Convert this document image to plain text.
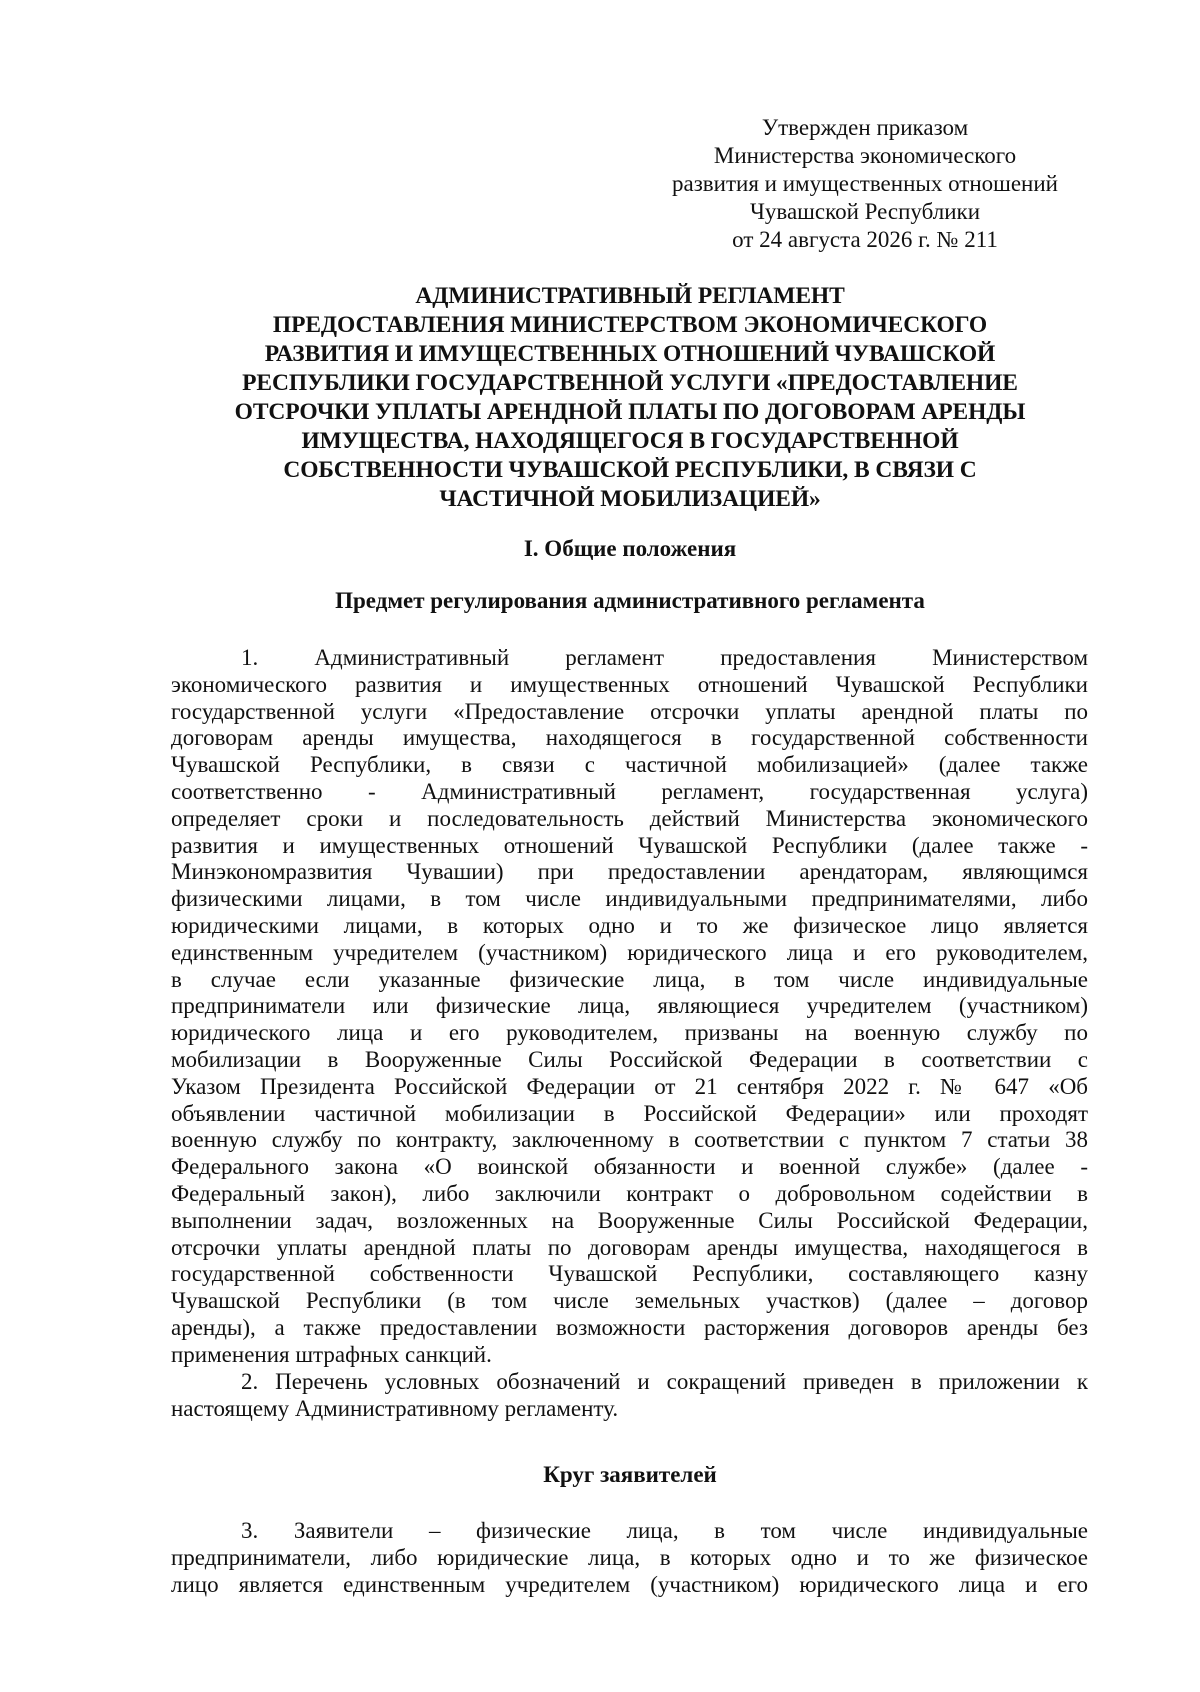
Утвержден приказом
Министерства экономического
развития и имущественных отношений
Чувашской Республики
от 24 августа 2026 г. № 211
АДМИНИСТРАТИВНЫЙ РЕГЛАМЕНТ
ПРЕДОСТАВЛЕНИЯ МИНИСТЕРСТВОМ ЭКОНОМИЧЕСКОГО
РАЗВИТИЯ И ИМУЩЕСТВЕННЫХ ОТНОШЕНИЙ ЧУВАШСКОЙ
РЕСПУБЛИКИ ГОСУДАРСТВЕННОЙ УСЛУГИ «ПРЕДОСТАВЛЕНИЕ
ОТСРОЧКИ УПЛАТЫ АРЕНДНОЙ ПЛАТЫ ПО ДОГОВОРАМ АРЕНДЫ
ИМУЩЕСТВА, НАХОДЯЩЕГОСЯ В ГОСУДАРСТВЕННОЙ
СОБСТВЕННОСТИ ЧУВАШСКОЙ РЕСПУБЛИКИ, В СВЯЗИ С
ЧАСТИЧНОЙ МОБИЛИЗАЦИЕЙ»
I. Общие положения
Предмет регулирования административного регламента
1. Административный регламент предоставления Министерством
экономического развития и имущественных отношений Чувашской Республики
государственной услуги «Предоставление отсрочки уплаты арендной платы по
договорам аренды имущества, находящегося в государственной собственности
Чувашской Республики, в связи с частичной мобилизацией» (далее также
соответственно - Административный регламент, государственная услуга)
определяет сроки и последовательность действий Министерства экономического
развития и имущественных отношений Чувашской Республики (далее также -
Минэкономразвития Чувашии) при предоставлении арендаторам, являющимся
физическими лицами, в том числе индивидуальными предпринимателями, либо
юридическими лицами, в которых одно и то же физическое лицо является
единственным учредителем (участником) юридического лица и его руководителем,
в случае если указанные физические лица, в том числе индивидуальные
предприниматели или физические лица, являющиеся учредителем (участником)
юридического лица и его руководителем, призваны на военную службу по
мобилизации в Вооруженные Силы Российской Федерации в соответствии с
Указом Президента Российской Федерации от 21 сентября 2022 г. № 647 «Об
объявлении частичной мобилизации в Российской Федерации» или проходят
военную службу по контракту, заключенному в соответствии с пунктом 7 статьи 38
Федерального закона «О воинской обязанности и военной службе» (далее -
Федеральный закон), либо заключили контракт о добровольном содействии в
выполнении задач, возложенных на Вооруженные Силы Российской Федерации,
отсрочки уплаты арендной платы по договорам аренды имущества, находящегося в
государственной собственности Чувашской Республики, составляющего казну
Чувашской Республики (в том числе земельных участков) (далее – договор
аренды), а также предоставлении возможности расторжения договоров аренды без
применения штрафных санкций.
2. Перечень условных обозначений и сокращений приведен в приложении к
настоящему Административному регламенту.
Круг заявителей
3. Заявители – физические лица, в том числе индивидуальные
предприниматели, либо юридические лица, в которых одно и то же физическое
лицо является единственным учредителем (участником) юридического лица и его
